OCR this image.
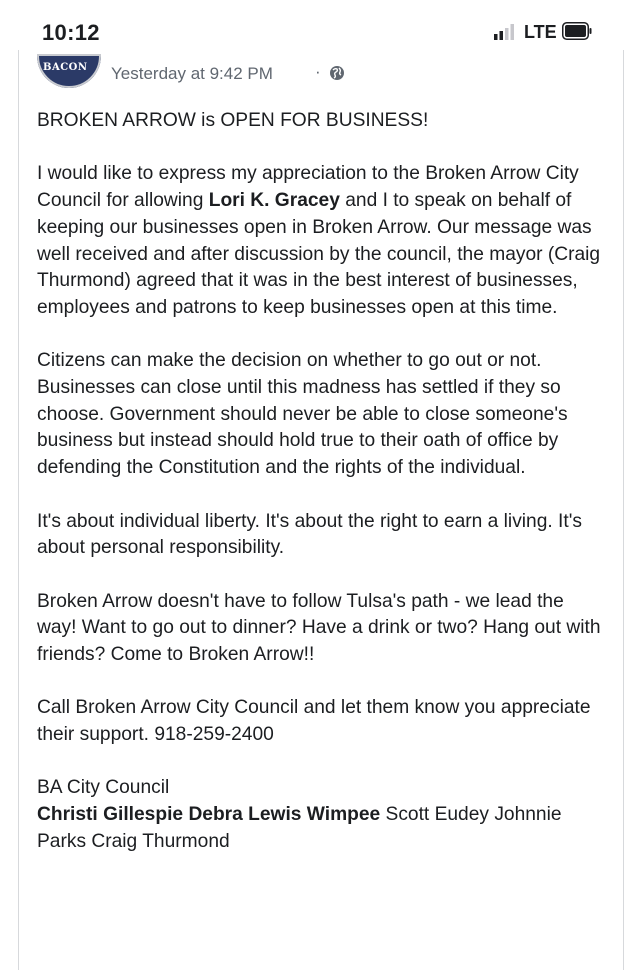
10:12	LTE
BACON Yesterday at 9:42 PM ·

BROKEN ARROW is OPEN FOR BUSINESS!

I would like to express my appreciation to the Broken Arrow City Council for allowing Lori K. Gracey and I to speak on behalf of keeping our businesses open in Broken Arrow. Our message was well received and after discussion by the council, the mayor (Craig Thurmond) agreed that it was in the best interest of businesses, employees and patrons to keep businesses open at this time.

Citizens can make the decision on whether to go out or not. Businesses can close until this madness has settled if they so choose. Government should never be able to close someone's business but instead should hold true to their oath of office by defending the Constitution and the rights of the individual.

It's about individual liberty. It's about the right to earn a living. It's about personal responsibility.

Broken Arrow doesn't have to follow Tulsa's path - we lead the way! Want to go out to dinner? Have a drink or two? Hang out with friends? Come to Broken Arrow!!

Call Broken Arrow City Council and let them know you appreciate their support. 918-259-2400

BA City Council
Christi Gillespie Debra Lewis Wimpee Scott Eudey Johnnie Parks Craig Thurmond
